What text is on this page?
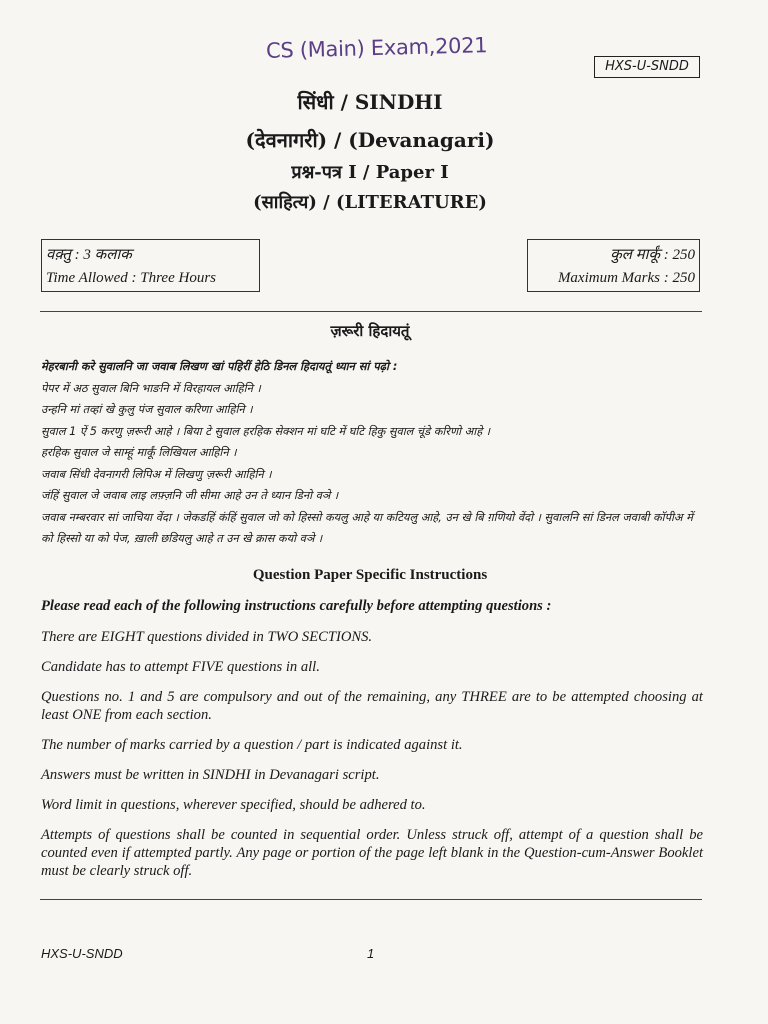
CS (Main) Exam,2021
HXS-U-SNDD
सिंधी / SINDHI
(देवनागरी) / (Devanagari)
प्रश्न-पत्र I / Paper I
(साहित्य) / (LITERATURE)
वक़्तु : 3 कलाक
Time Allowed : Three Hours
कुल मार्कूं : 250
Maximum Marks : 250
ज़रूरी हिदायतूं

मेहरबानी करे सुवालनि जा जवाब लिखण खां पहिरीं हेठि डिनल हिदायतूं ध्यान सां पढ़ो :

पेपर में अठ सुवाल बिनि भाङनि में विरहायल आहिनि ।

उन्हनि मां तव्हां खे कुलु पंज सुवाल करिणा आहिनि ।

सुवाल 1 ऐं 5 करणु ज़रूरी आहे । बिया टे सुवाल हरहिक सेक्शन मां घटि में घटि हिकु सुवाल चूंडे करिणो आहे ।

हरहिक सुवाल जे साम्हूं मार्कूं लिखियल आहिनि ।

जवाब सिंधी देवनागरी लिपिअ में लिखणु ज़रूरी आहिनि ।

जंहिं सुवाल जे जवाब लाइ लफ़्ज़नि जी सीमा आहे उन ते ध्यान डिनो वञे ।

जवाब नम्बरवार सां जाचिया वेंदा । जेकडहिं कंहिं सुवाल जो को हिस्सो कयलु आहे या कटियलु आहे, उन खे बि ग़णियो वेंदो । सुवालनि सां डिनल जवाबी कॉपीअ में को हिस्सो या को पेज, ख़ाली छडियलु आहे त उन खे क्रास कयो वञे ।

Question Paper Specific Instructions

Please read each of the following instructions carefully before attempting questions :

There are EIGHT questions divided in TWO SECTIONS.

Candidate has to attempt FIVE questions in all.

Questions no. 1 and 5 are compulsory and out of the remaining, any THREE are to be attempted choosing at least ONE from each section.

The number of marks carried by a question / part is indicated against it.

Answers must be written in SINDHI in Devanagari script.

Word limit in questions, wherever specified, should be adhered to.

Attempts of questions shall be counted in sequential order. Unless struck off, attempt of a question shall be counted even if attempted partly. Any page or portion of the page left blank in the Question-cum-Answer Booklet must be clearly struck off.

HXS-U-SNDD	1
